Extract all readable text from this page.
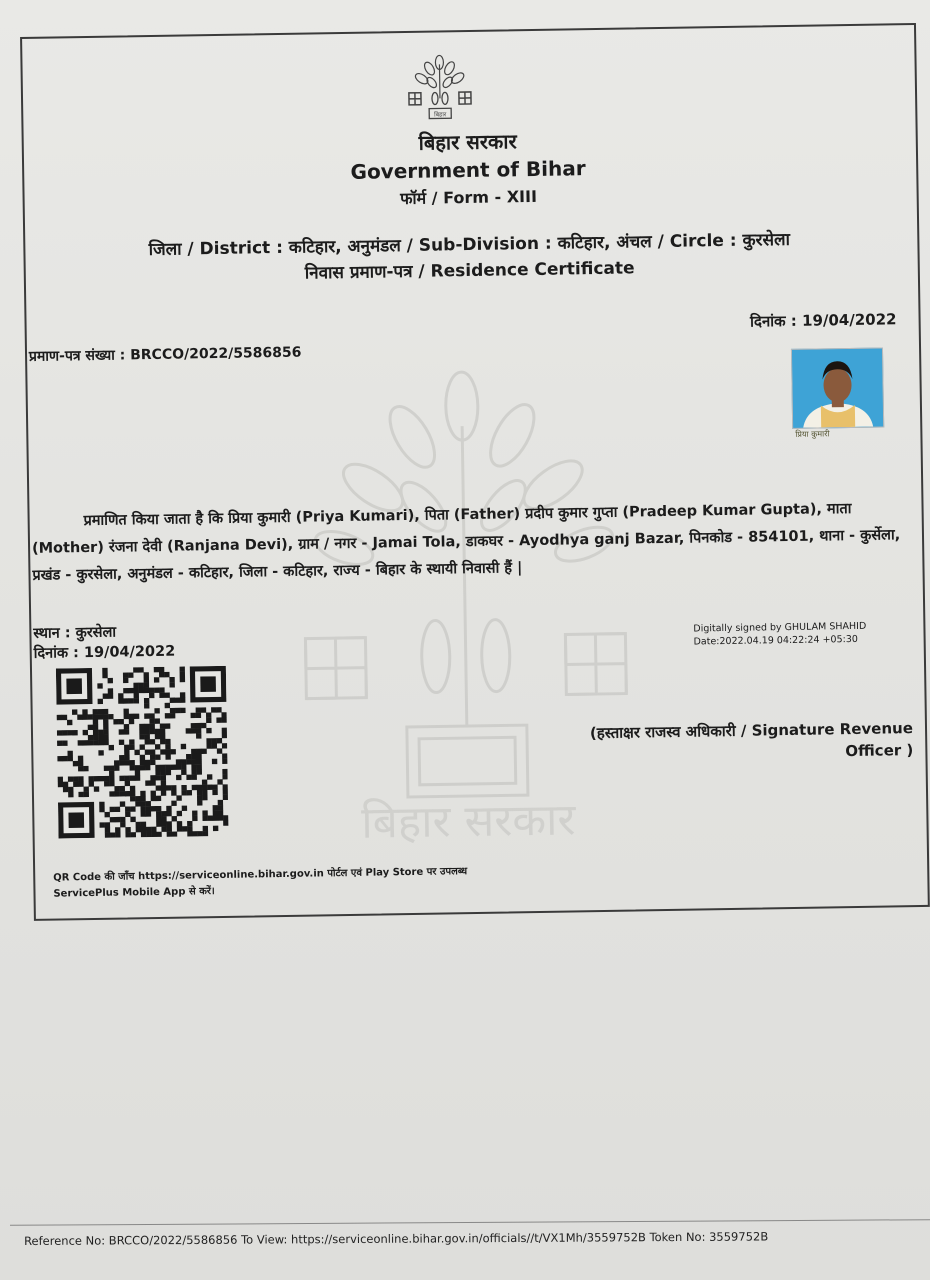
बिहार
बिहार सरकार
Government of Bihar
फॉर्म / Form - XIII
जिला / District : कटिहार, अनुमंडल / Sub-Division : कटिहार, अंचल / Circle : कुरसेला
निवास प्रमाण-पत्र / Residence Certificate
दिनांक : 19/04/2022
प्रमाण-पत्र संख्या : BRCCO/2022/5586856
प्रिया कुमारी
बिहार सरकार
प्रमाणित किया जाता है कि प्रिया कुमारी (Priya Kumari), पिता (Father) प्रदीप कुमार गुप्ता (Pradeep Kumar Gupta), माता (Mother) रंजना देवी (Ranjana Devi), ग्राम / नगर - Jamai Tola, डाकघर - Ayodhya ganj Bazar, पिनकोड - 854101, थाना - कुर्सेला, प्रखंड - कुरसेला, अनुमंडल - कटिहार, जिला - कटिहार, राज्य - बिहार के स्थायी निवासी हैं |
स्थान : कुरसेला
दिनांक : 19/04/2022
Digitally signed by GHULAM SHAHID
Date:2022.04.19 04:22:24 +05:30
(हस्ताक्षर राजस्व अधिकारी / Signature Revenue Officer )
QR Code की जाँच https://serviceonline.bihar.gov.in पोर्टल एवं Play Store पर उपलब्ध
ServicePlus Mobile App से करें।
Reference No: BRCCO/2022/5586856 To View: https://serviceonline.bihar.gov.in/officials//t/VX1Mh/3559752B Token No: 3559752B
